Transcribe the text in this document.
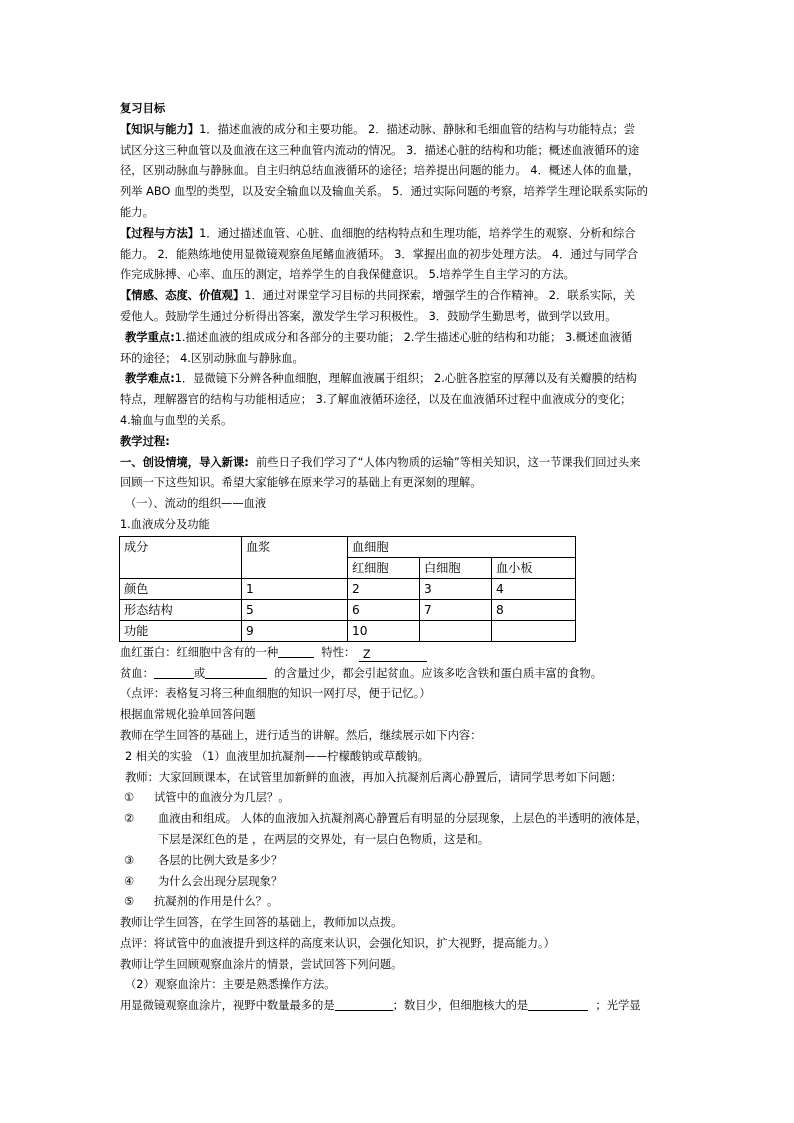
复习目标

【知识与能力】1．描述血液的成分和主要功能。 2．描述动脉、静脉和毛细血管的结构与功能特点；尝

试区分这三种血管以及血液在这三种血管内流动的情况。 3．描述心脏的结构和功能；概述血液循环的途

径，区别动脉血与静脉血。自主归纳总结血液循环的途径；培养提出问题的能力。 4．概述人体的血量，

列举 ABO 血型的类型，以及安全输血以及输血关系。 5．通过实际问题的考察，培养学生理论联系实际的

能力。

【过程与方法】1．通过描述血管、心脏、血细胞的结构特点和生理功能，培养学生的观察、分析和综合

能力。 2．能熟练地使用显微镜观察鱼尾鳍血液循环。 3．掌握出血的初步处理方法。 4．通过与同学合

作完成脉搏、心率、血压的测定，培养学生的自我保健意识。 5.培养学生自主学习的方法。

【情感、态度、价值观】1．通过对课堂学习目标的共同探索，增强学生的合作精神。 2．联系实际，关

爱他人。鼓励学生通过分析得出答案，激发学生学习积极性。 3．鼓励学生勤思考，做到学以致用。

教学重点:1.描述血液的组成成分和各部分的主要功能； 2.学生描述心脏的结构和功能； 3.概述血液循

环的途径； 4.区别动脉血与静脉血。

教学难点:1．显微镜下分辨各种血细胞，理解血液属于组织； 2.心脏各腔室的厚薄以及有关瓣膜的结构

特点，理解器官的结构与功能相适应； 3.了解血液循环途径，以及在血液循环过程中血液成分的变化；

4.输血与血型的关系。

教学过程:

一、创设情境，导入新课: 前些日子我们学习了“人体内物质的运输”等相关知识，这一节课我们回过头来

回顾一下这些知识。希望大家能够在原来学习的基础上有更深刻的理解。

（一）、流动的组织——血液

1.血液成分及功能

成分	血浆	血细胞		
		红细胞	白细胞	血小板
颜色	1	2	3	4
形态结构	5	6	7	8
功能	9	10		

血红蛋白：红细胞中含有的一种	特性： Z

贫血：	或	的含量过少，都会引起贫血。应该多吃含铁和蛋白质丰富的食物。

（点评：表格复习将三种血细胞的知识一网打尽，便于记忆。）

根据血常规化验单回答问题

教师在学生回答的基础上，进行适当的讲解。然后，继续展示如下内容：

2 相关的实验 （1）血液里加抗凝剂——柠檬酸钠或草酸钠。

教师：大家回顾课本，在试管里加新鲜的血液，再加入抗凝剂后离心静置后，请同学思考如下问题：

①	试管中的血液分为几层？。
②	血液由和组成。 人体的血液加入抗凝剂离心静置后有明显的分层现象，上层色的半透明的液体是，
下层是深红色的是 ，在两层的交界处，有一层白色物质，这是和。
③	各层的比例大致是多少？
④	为什么会出现分层现象？
⑤	抗凝剂的作用是什么？。

教师让学生回答，在学生回答的基础上，教师加以点拨。

点评：将试管中的血液提升到这样的高度来认识，会强化知识，扩大视野，提高能力。）

教师让学生回顾观察血涂片的情景，尝试回答下列问题。

（2）观察血涂片：主要是熟悉操作方法。

用显微镜观察血涂片，视野中数量最多的是	；数目少，但细胞核大的是	；光学显
